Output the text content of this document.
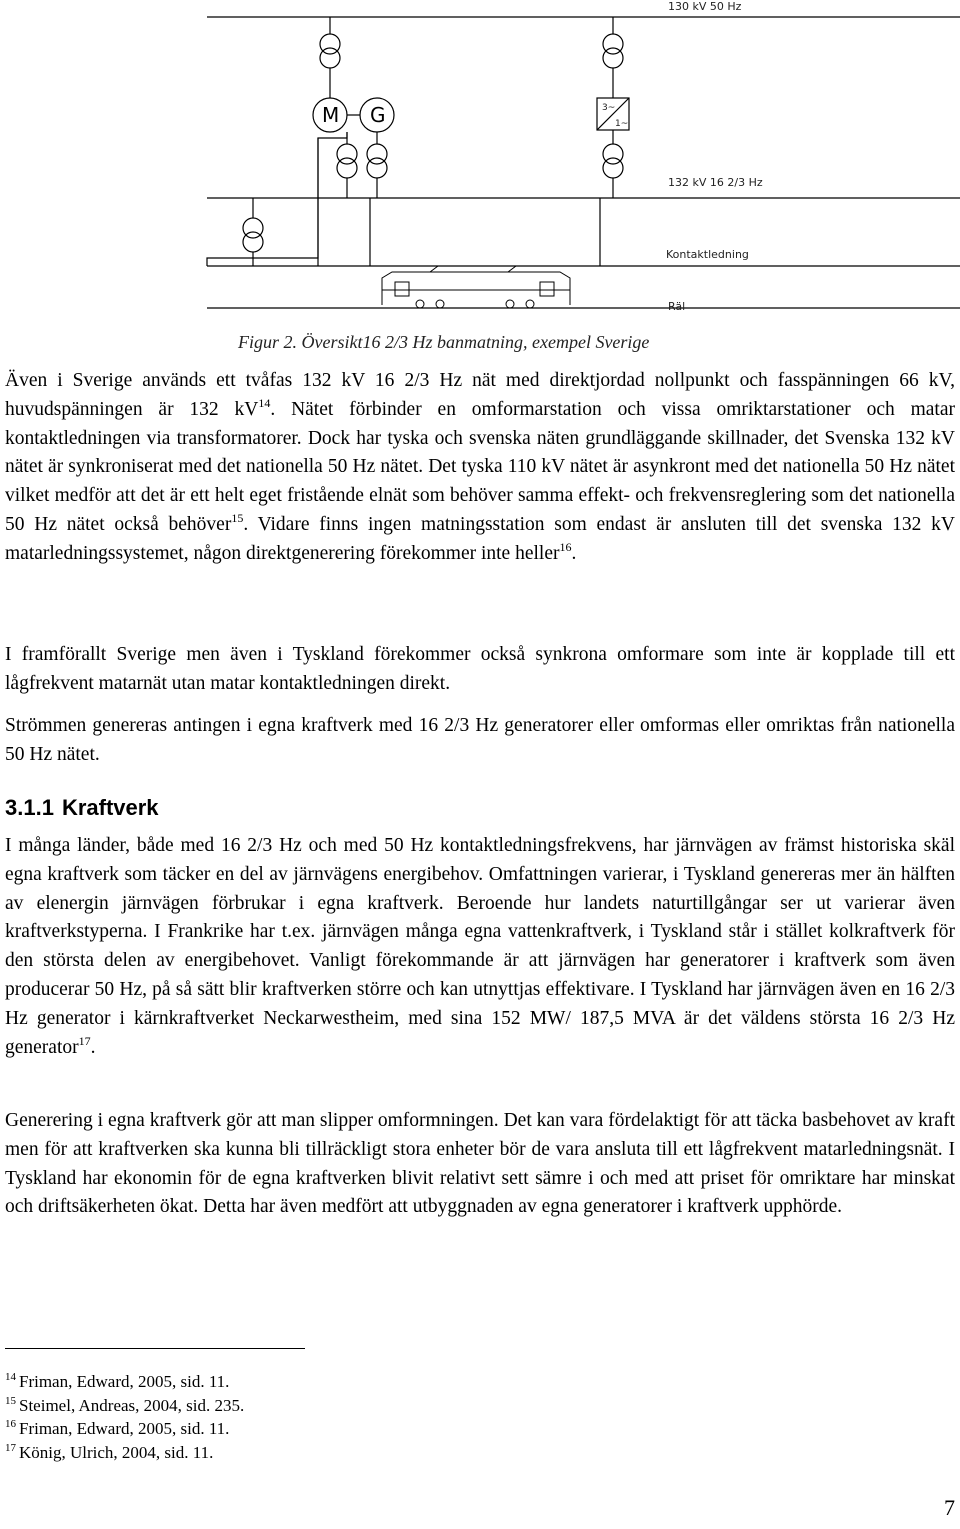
130 kV 50 Hz
132 kV 16 2/3 Hz
Kontaktledning
Räl
M G	3~
1~
Figur 2. Översikt16 2/3 Hz banmatning, exempel Sverige

Även i Sverige används ett tvåfas 132 kV 16 2/3 Hz nät med direktjordad nollpunkt och fasspänningen 66 kV, huvudspänningen är 132 $kV^{14}$. Nätet förbinder en omformarstation och vissa omriktarstationer och matar kontaktledningen via transformatorer. Dock har tyska och svenska näten grundläggande skillnader, det Svenska 132 kV nätet är synkroniserat med det nationella 50 Hz nätet. Det tyska 110 kV nätet är asynkront med det nationella 50 Hz nätet vilket medför att det är ett helt eget fristående elnät som behöver samma effekt- och frekvensreglering som det nationella 50 Hz nätet också behöver$^{15}$. Vidare finns ingen matningsstation som endast är ansluten till det svenska 132 kV matarledningssystemet, någon direktgenerering förekommer inte heller$^{16}$.

I framförallt Sverige men även i Tyskland förekommer också synkrona omformare som inte är kopplade till ett lågfrekvent matarnät utan matar kontaktledningen direkt.

Strömmen genereras antingen i egna kraftverk med 16 2/3 Hz generatorer eller omformas eller omriktas från nationella 50 Hz nätet.

3.1.1 Kraftverk

I många länder, både med 16 2/3 Hz och med 50 Hz kontaktledningsfrekvens, har järnvägen av främst historiska skäl egna kraftverk som täcker en del av järnvägens energibehov. Omfattningen varierar, i Tyskland genereras mer än hälften av elenergin järnvägen förbrukar i egna kraftverk. Beroende hur landets naturtillgångar ser ut varierar även kraftverkstyperna. I Frankrike har t.ex. järnvägen många egna vattenkraftverk, i Tyskland står i stället kolkraftverk för den största delen av energibehovet. Vanligt förekommande är att järnvägen har generatorer i kraftverk som även producerar 50 Hz, på så sätt blir kraftverken större och kan utnyttjas effektivare. I Tyskland har järnvägen även en 16 2/3 Hz generator i kärnkraftverket Neckarwestheim, med sina 152 MW/ 187,5 MVA är det väldens största 16 2/3 Hz generator$^{17}$.

Generering i egna kraftverk gör att man slipper omformningen. Det kan vara fördelaktigt för att täcka basbehovet av kraft men för att kraftverken ska kunna bli tillräckligt stora enheter bör de vara ansluta till ett lågfrekvent matarledningsnät. I Tyskland har ekonomin för de egna kraftverken blivit relativt sett sämre i och med att priset för omriktare har minskat och driftsäkerheten ökat. Detta har även medfört att utbyggnaden av egna generatorer i kraftverk upphörde.

$^{14}$ Friman, Edward, 2005, sid. 11.
$^{15}$ Steimel, Andreas, 2004, sid. 235.
$^{16}$ Friman, Edward, 2005, sid. 11.
$^{17}$ König, Ulrich, 2004, sid. 11.
7
